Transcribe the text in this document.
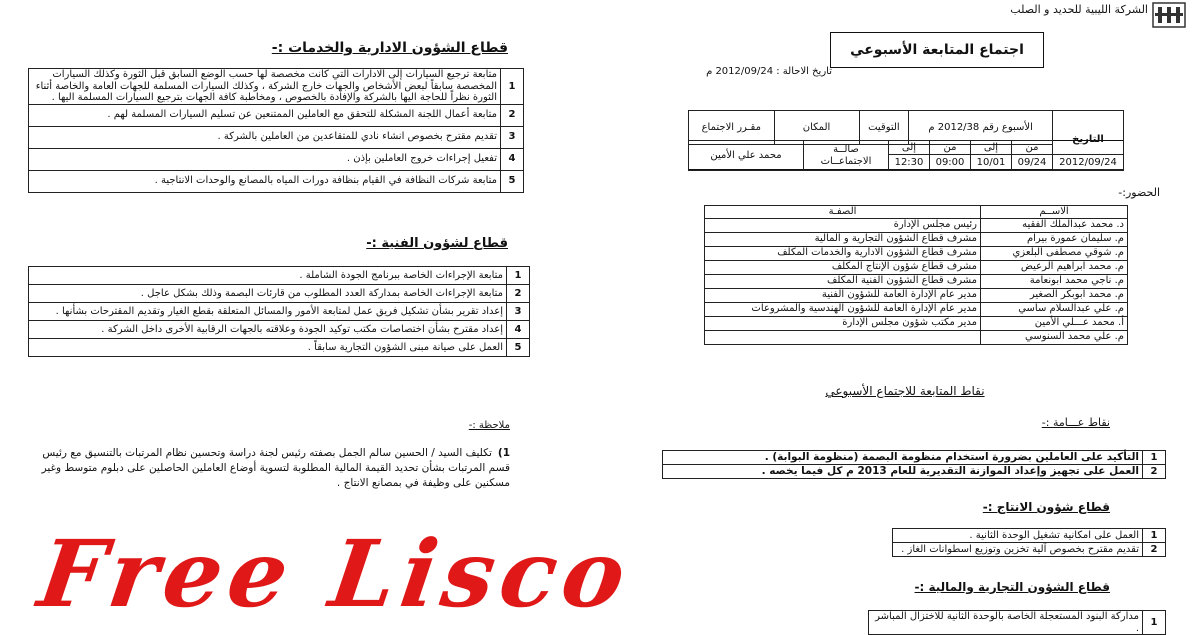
الشركة الليبية للحديد و الصلب
اجتماع المتابعة الأسبوعي
تاريخ الاحالة : 2012/09/24 م
التاريخ	الأسبوع رقم 2012/38 م	التوقيت	المكان	مقـرر الاجتماع

	من	إلى	من	إلى	صالــة الاجتماعــات	محمد علي الأمين
2012/09/24	09/24	10/01	09:00	12:30		
الحضور:-
الاســم	الصفـة
د. محمد عبدالملك الفقيه	رئيس مجلس الإدارة
م. سليمان عمورة بيرام	مشرف قطاع الشؤون التجارية و المالية
م. شوقي مصطفى البلعزي	مشرف قطاع الشؤون الادارية والخدمات المكلف
م. محمد ابراهيم الرعيض	مشرف قطاع شؤون الإنتاج المكلف
م. ناجي محمد ابونعامة	مشرف قطاع الشؤون الفنية المكلف
م. محمد ابوبكر الصغير	مدير عام الإدارة العامة للشؤون الفنية
م. علي عبدالسلام ساسي	مدير عام الإدارة العامة للشؤون الهندسية والمشروعات
أ. محمد عـــلي الأمين	مدير مكتب شؤون مجلس الإدارة
م. علي محمد السنوسي	
نقاط المتابعة للاجتماع الأسبوعي
نقاط عـــامة :-
1	التأكيد على العاملين بضرورة استخدام منظومة البصمة (منظومة البوابة) .
2	العمل على تجهيز وإعداد الموازنة التقديرية للعام 2013 م كل فيما يخصه .
قطاع شؤون الانتاج :-
1	العمل على امكانية تشغيل الوحدة الثانية .
2	تقديم مقترح بخصوص آلية تخزين وتوزيع اسطوانات الغاز .
قطاع الشؤون التجارية والمالية :-
1	مداركة البنود المستعجلة الخاصة بالوحدة الثانية للاختزال المباشر .
قطاع الشؤون الادارية والخدمات :-
1	متابعة ترجيع السيارات إلى الادارات التي كانت مخصصة لها حسب الوضع السابق قبل الثورة وكذلك السيارات المخصصة سابقاً لبعض الأشخاص والجهات خارج الشركة ، وكذلك السيارات المسلمة للجهات العامة والخاصة أثناء الثورة نظراً للحاجة اليها بالشركة والإفادة بالخصوص ، ومخاطبة كافة الجهات بترجيع السيارات المسلمة اليها .
2	متابعة أعمال اللجنة المشكلة للتحقق مع العاملين الممتنعين عن تسليم السيارات المسلمة لهم .
3	تقديم مقترح بخصوص انشاء نادي للمتقاعدين من العاملين بالشركة .
4	تفعيل إجراءات خروج العاملين بإذن .
5	متابعة شركات النظافة في القيام بنظافة دورات المياه بالمصانع والوحدات الانتاجية .
قطاع لشؤون الفنية :-
1	متابعة الإجراءات الخاصة ببرنامج الجودة الشاملة .
2	متابعة الإجراءات الخاصة بمداركة العدد المطلوب من قارئات البصمة وذلك بشكل عاجل .
3	إعداد تقرير بشأن تشكيل فريق عمل لمتابعة الأمور والمسائل المتعلقة بقطع الغيار وتقديم المقترحات بشأنها .
4	إعداد مقترح بشأن اختصاصات مكتب توكيد الجودة وعلاقته بالجهات الرقابية الأخرى داخل الشركة .
5	العمل على صيانة مبنى الشؤون التجارية سابقاً .
ملاحظة :-
1)تكليف السيد / الحسين سالم الجمل بصفته رئيس لجنة دراسة وتحسين نظام المرتبات بالتنسيق مع رئيس قسم المرتبات بشأن تحديد القيمة المالية المطلوبة لتسوية أوضاع العاملين الحاصلين على دبلوم متوسط وغير مسكنين على وظيفة في بمصانع الانتاج .
Free Lisco
